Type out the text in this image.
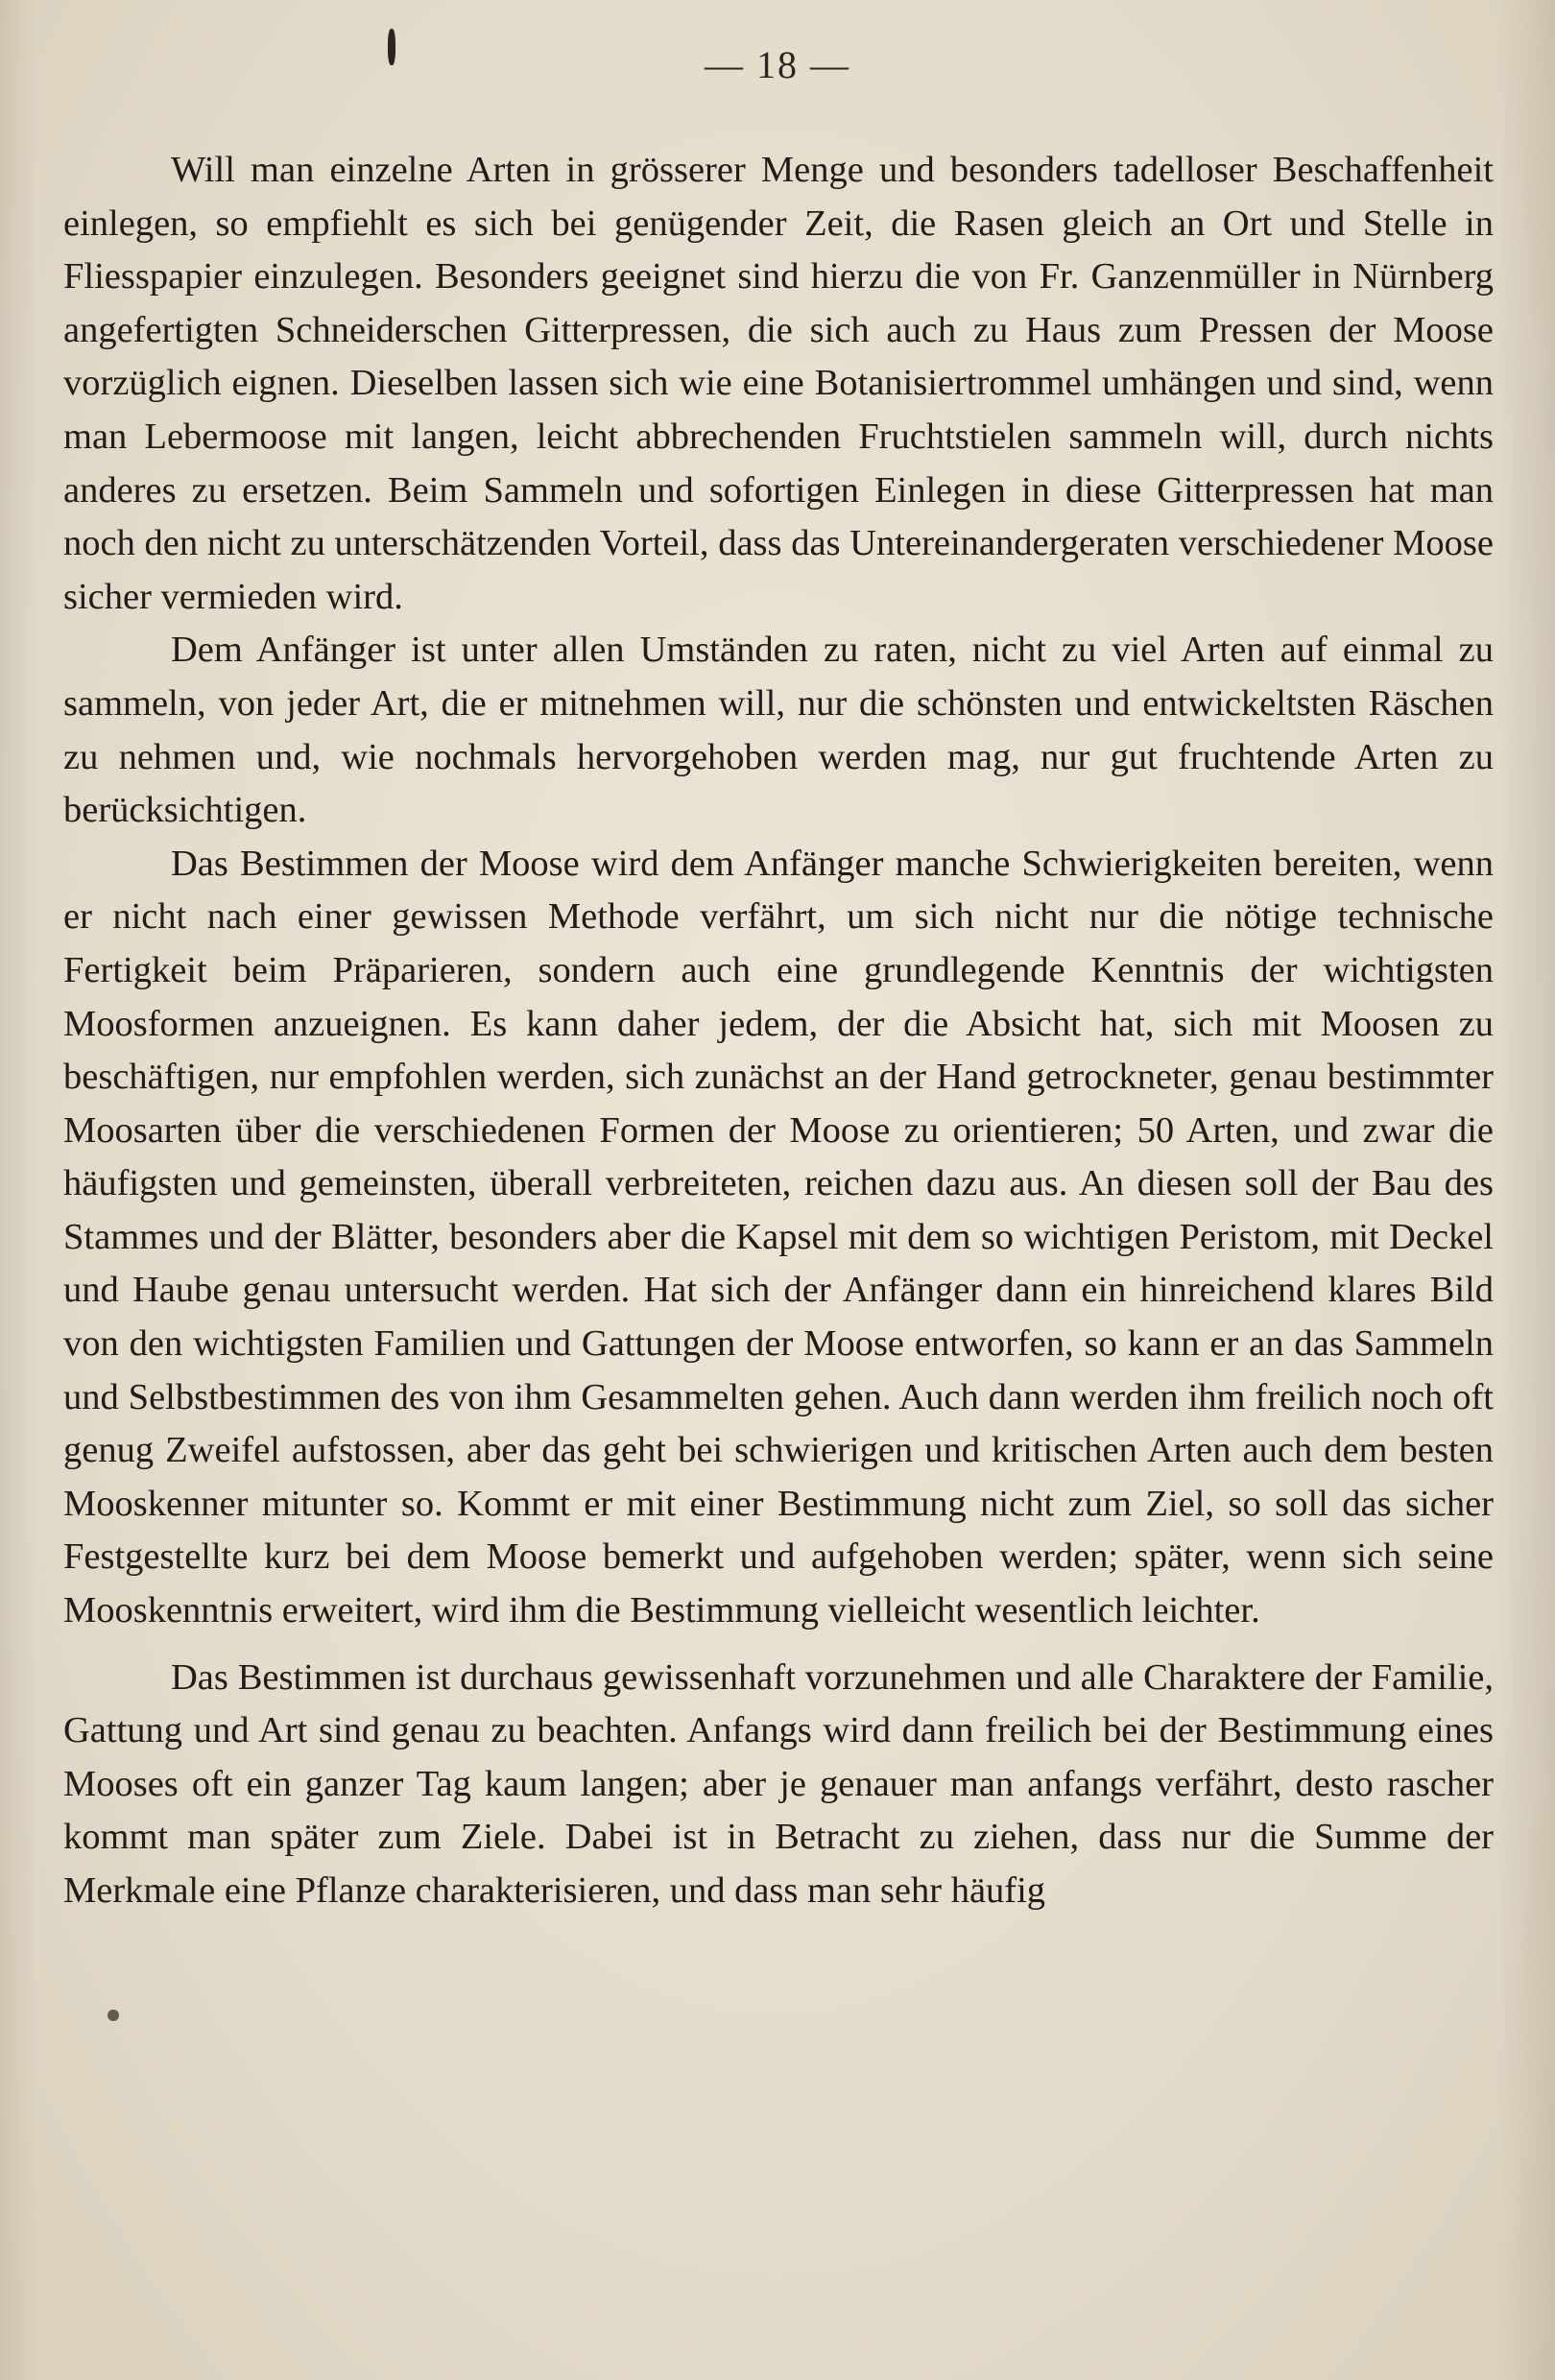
— 18 —

Will man einzelne Arten in grösserer Menge und besonders tadelloser Beschaffenheit einlegen, so empfiehlt es sich bei genügender Zeit, die Rasen gleich an Ort und Stelle in Fliesspapier einzulegen. Besonders geeignet sind hierzu die von Fr. Ganzenmüller in Nürnberg angefertigten Schneiderschen Gitterpressen, die sich auch zu Haus zum Pressen der Moose vorzüglich eignen. Dieselben lassen sich wie eine Botanisiertrommel umhängen und sind, wenn man Lebermoose mit langen, leicht abbrechenden Fruchtstielen sammeln will, durch nichts anderes zu ersetzen. Beim Sammeln und sofortigen Einlegen in diese Gitterpressen hat man noch den nicht zu unterschätzenden Vorteil, dass das Untereinandergeraten verschiedener Moose sicher vermieden wird.

Dem Anfänger ist unter allen Umständen zu raten, nicht zu viel Arten auf einmal zu sammeln, von jeder Art, die er mitnehmen will, nur die schönsten und entwickeltsten Räschen zu nehmen und, wie nochmals hervorgehoben werden mag, nur gut fruchtende Arten zu berücksichtigen.

Das Bestimmen der Moose wird dem Anfänger manche Schwierigkeiten bereiten, wenn er nicht nach einer gewissen Methode verfährt, um sich nicht nur die nötige technische Fertigkeit beim Präparieren, sondern auch eine grundlegende Kenntnis der wichtigsten Moosformen anzueignen. Es kann daher jedem, der die Absicht hat, sich mit Moosen zu beschäftigen, nur empfohlen werden, sich zunächst an der Hand getrockneter, genau bestimmter Moosarten über die verschiedenen Formen der Moose zu orientieren; 50 Arten, und zwar die häufigsten und gemeinsten, überall verbreiteten, reichen dazu aus. An diesen soll der Bau des Stammes und der Blätter, besonders aber die Kapsel mit dem so wichtigen Peristom, mit Deckel und Haube genau untersucht werden. Hat sich der Anfänger dann ein hinreichend klares Bild von den wichtigsten Familien und Gattungen der Moose entworfen, so kann er an das Sammeln und Selbstbestimmen des von ihm Gesammelten gehen. Auch dann werden ihm freilich noch oft genug Zweifel aufstossen, aber das geht bei schwierigen und kritischen Arten auch dem besten Mooskenner mitunter so. Kommt er mit einer Bestimmung nicht zum Ziel, so soll das sicher Festgestellte kurz bei dem Moose bemerkt und aufgehoben werden; später, wenn sich seine Mooskenntnis erweitert, wird ihm die Bestimmung vielleicht wesentlich leichter.

Das Bestimmen ist durchaus gewissenhaft vorzunehmen und alle Charaktere der Familie, Gattung und Art sind genau zu beachten. Anfangs wird dann freilich bei der Bestimmung eines Mooses oft ein ganzer Tag kaum langen; aber je genauer man anfangs verfährt, desto rascher kommt man später zum Ziele. Dabei ist in Betracht zu ziehen, dass nur die Summe der Merkmale eine Pflanze charakterisieren, und dass man sehr häufig
